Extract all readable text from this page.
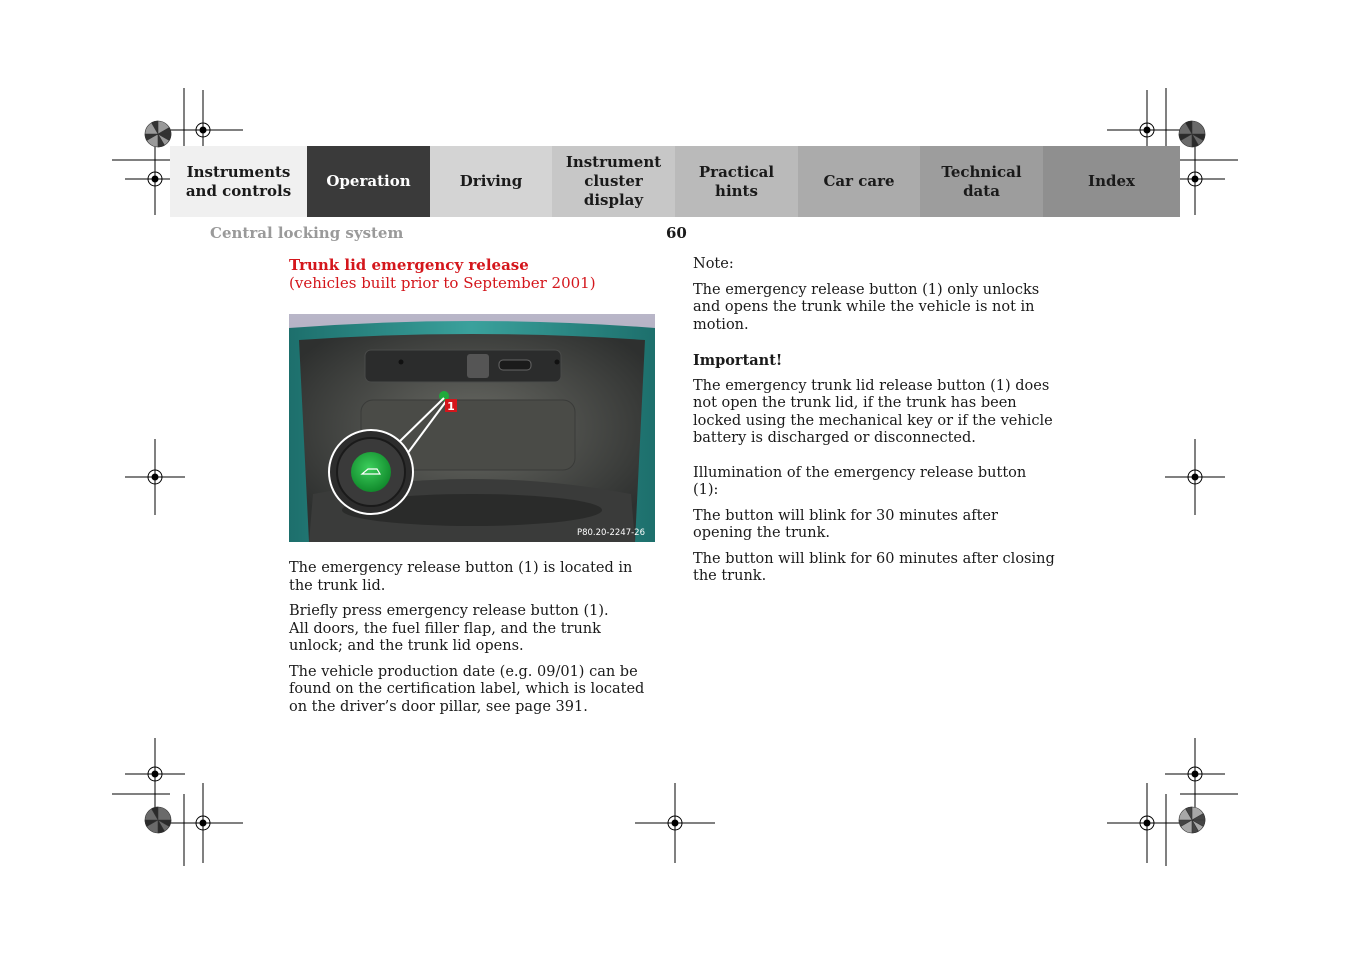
Instruments
and controls
Operation	Driving
Instrument
cluster display
Practical hints
Car care
Technical
data
Index
Central locking system	60
Trunk lid emergency release
(vehicles built prior to September 2001)
1
P80.20-2247-26

The emergency release button (1) is located in the trunk lid.

Briefly press emergency release button (1).

All doors, the fuel filler flap, and the trunk unlock; and the trunk lid opens.

The vehicle production date (e.g. 09/01) can be found on the certification label, which is located on the driver’s door pillar, see page 391.

Note:

The emergency release button (1) only unlocks and opens the trunk while the vehicle is not in motion.

Important!

The emergency trunk lid release button (1) does not open the trunk lid, if the trunk has been locked using the mechanical key or if the vehicle battery is discharged or disconnected.

Illumination of the emergency release button (1):

The button will blink for 30 minutes after opening the trunk.

The button will blink for 60 minutes after closing the trunk.
